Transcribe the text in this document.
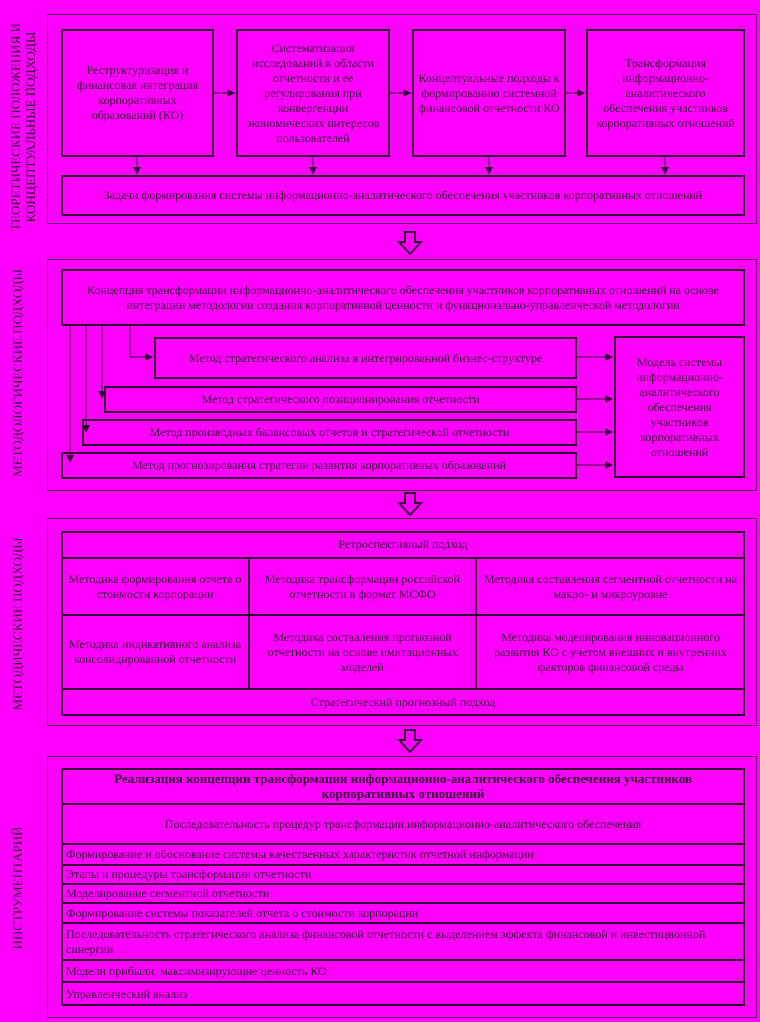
ТЕОРЕТИЧЕСКИЕ ПОЛОЖЕНИЯ И КОНЦЕПТУАЛЬНЫЕ ПОДХОДЫ
МЕТОДОЛОГИЧЕСКИЕ ПОДХОДЫ
МЕТОДИЧЕСКИЕ ПОДХОДЫ
ИНСТРУМЕНТАРИЙ
Реструктуризация и финансовая интеграция корпоративных образований (КО)
Систематизация исследований в области отчетности и ее регулирования при конвергенции экономических интересов пользователей
Концептуальные подходы к формированию системной финансовой отчетности КО
Трансформация информационно-аналитического обеспечения участников корпоративных отношений
Задачи формирования системы информационно-аналитического обеспечения участников корпоративных отношений
Концепция трансформации информационно-аналитического обеспечения участников корпоративных отношений на основе интеграции методологии создания корпоративной ценности и функционально-управленческой методологии
Метод стратегического анализа в интегрированной бизнес-структуре
Метод стратегического позиционирования отчетности
Метод производных балансовых отчетов и стратегической отчетности
Метод прогнозирования стратегии развития корпоративных образований
Модель системы информационно-аналитического обеспечения участников корпоративных отношений
Ретроспективный подход
Методика формирования отчета о стоимости корпорации
Методика трансформации российской отчетности в формат МСФО
Методика составления сегментной отчетности на макро- и микроуровне
Методика индикативного анализа консолидированной отчетности
Методика составления прогнозной отчетности на основе имитационных моделей
Методика моделирования инновационного развития КО с учетом внешних и внутренних факторов финансовой среды
Стратегический прогнозный подход
Реализация концепции трансформации информационно-аналитического обеспечения участников корпоративных отношений
Последовательность процедур трансформации информационно-аналитического обеспечения
Формирование и обоснование системы качественных характеристик отчетной информации
Этапы и процедуры трансформации отчетности
Моделирование сегментной отчетности
Формирование системы показателей отчета о стоимости корпорации
Последовательность стратегического анализа финансовой отчетности с выделением эффекта финансовой и инвестиционной синергии
Модели прибыли, максимизирующие ценность КО
Управленческий анализ
